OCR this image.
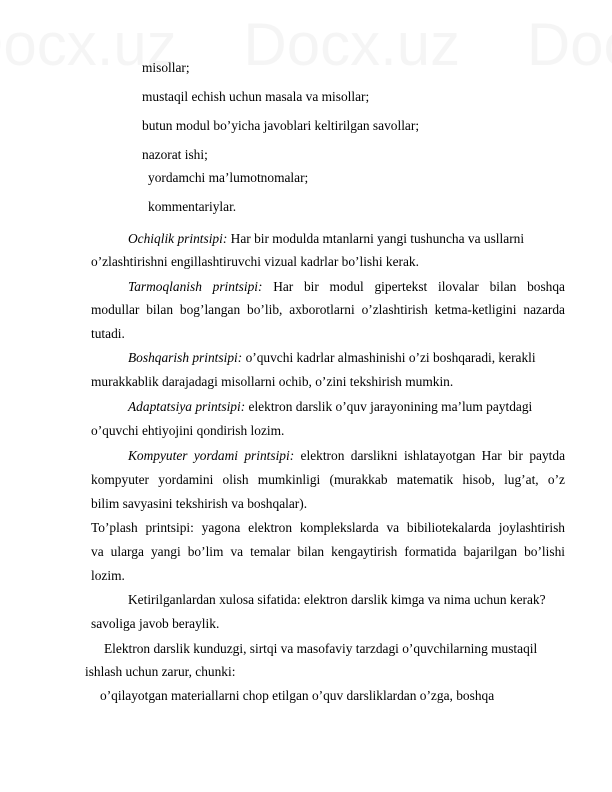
misollar;
mustaqil echish uchun masala va misollar;
butun modul bo’yicha javoblari keltirilgan savollar;
nazorat ishi;
yordamchi ma’lumotnomalar;
kommentariylar.
Ochiqlik printsipi: Har bir modulda mtanlarni yangi tushuncha va usllarni
o’zlashtirishni engillashtiruvchi vizual kadrlar bo’lishi kerak.
Tarmoqlanish printsipi: Har bir modul gipertekst ilovalar bilan boshqa
modullar bilan bog’langan bo’lib, axborotlarni o’zlashtirish ketma-ketligini nazarda
tutadi.
Boshqarish printsipi: o’quvchi kadrlar almashinishi o’zi boshqaradi, kerakli
murakkablik darajadagi misollarni ochib, o’zini tekshirish mumkin.
Adaptatsiya printsipi: elektron darslik o’quv jarayonining ma’lum paytdagi
o’quvchi ehtiyojini qondirish lozim.
Kompyuter yordami printsipi: elektron darslikni ishlatayotgan Har bir paytda
kompyuter yordamini olish mumkinligi (murakkab matematik hisob, lug’at, o’z
bilim savyasini tekshirish va boshqalar).
To’plash printsipi: yagona elektron komplekslarda va bibiliotekalarda joylashtirish
va ularga yangi bo’lim va temalar bilan kengaytirish formatida bajarilgan bo’lishi
lozim.
Ketirilganlardan xulosa sifatida: elektron darslik kimga va nima uchun kerak?
savoliga javob beraylik.
Elektron darslik kunduzgi, sirtqi va masofaviy tarzdagi o’quvchilarning mustaqil
ishlash uchun zarur, chunki:
o’qilayotgan materiallarni chop etilgan o’quv darsliklardan o’zga, boshqa
